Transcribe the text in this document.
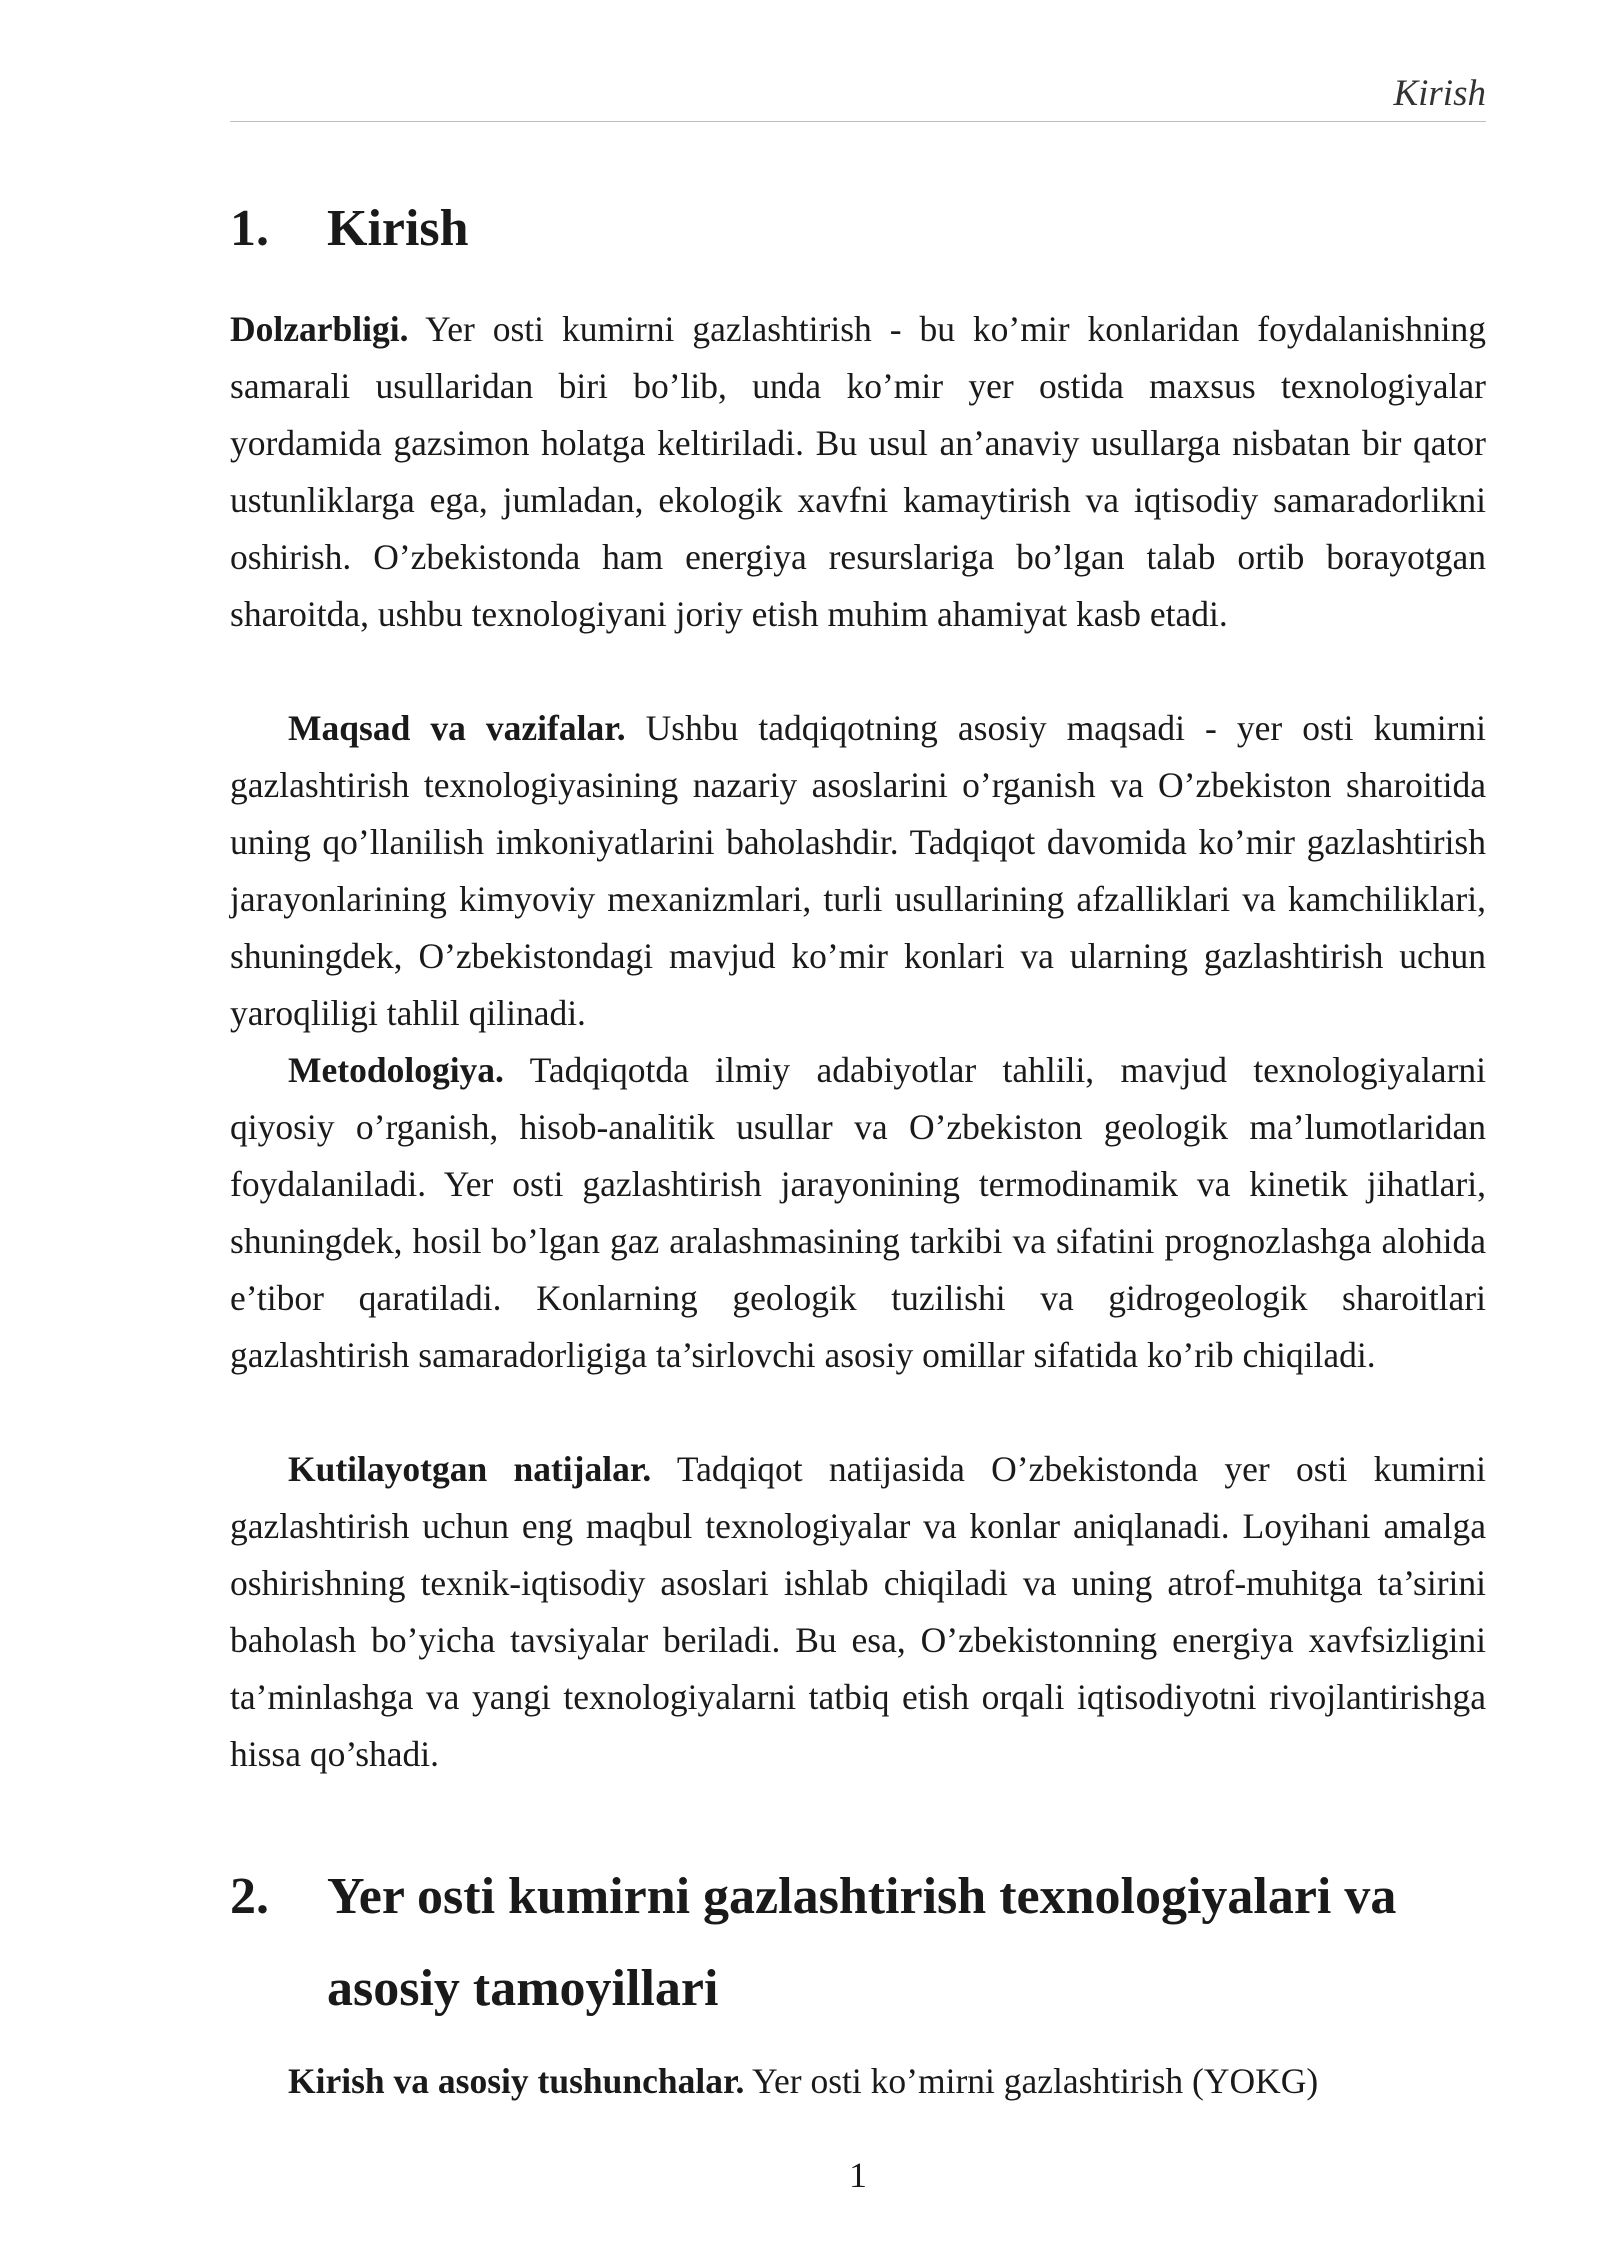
Kirish
1. Kirish

Dolzarbligi. Yer osti kumirni gazlashtirish - bu ko’mir konlaridan foydalanishning samarali usullaridan biri bo’lib, unda ko’mir yer ostida maxsus texnologiyalar yordamida gazsimon holatga keltiriladi. Bu usul an’anaviy usullarga nisbatan bir qator ustunliklarga ega, jumladan, ekologik xavfni kamaytirish va iqtisodiy samaradorlikni oshirish. O’zbekistonda ham energiya resurslariga bo’lgan talab ortib borayotgan sharoitda, ushbu texnologiyani joriy etish muhim ahamiyat kasb etadi.

Maqsad va vazifalar. Ushbu tadqiqotning asosiy maqsadi - yer osti kumirni gazlashtirish texnologiyasining nazariy asoslarini o’rganish va O’zbekiston sharoitida uning qo’llanilish imkoniyatlarini baholashdir. Tadqiqot davomida ko’mir gazlashtirish jarayonlarining kimyoviy mexanizmlari, turli usullarining afzalliklari va kamchiliklari, shuningdek, O’zbekistondagi mavjud ko’mir konlari va ularning gazlashtirish uchun yaroqliligi tahlil qilinadi.

Metodologiya. Tadqiqotda ilmiy adabiyotlar tahlili, mavjud texnologiyalarni qiyosiy o’rganish, hisob-analitik usullar va O’zbekiston geologik ma’lumotlaridan foydalaniladi. Yer osti gazlashtirish jarayonining termodinamik va kinetik jihatlari, shuningdek, hosil bo’lgan gaz aralashmasining tarkibi va sifatini prognozlashga alohida e’tibor qaratiladi. Konlarning geologik tuzilishi va gidrogeologik sharoitlari gazlashtirish samaradorligiga ta’sirlovchi asosiy omillar sifatida ko’rib chiqiladi.

Kutilayotgan natijalar. Tadqiqot natijasida O’zbekistonda yer osti kumirni gazlashtirish uchun eng maqbul texnologiyalar va konlar aniqlanadi. Loyihani amalga oshirishning texnik-iqtisodiy asoslari ishlab chiqiladi va uning atrof-muhitga ta’sirini baholash bo’yicha tavsiyalar beriladi. Bu esa, O’zbekistonning energiya xavfsizligini ta’minlashga va yangi texnologiyalarni tatbiq etish orqali iqtisodiyotni rivojlantirishga hissa qo’shadi.

2. Yer osti kumirni gazlashtirish texnologiyalari va asosiy tamoyillari

Kirish va asosiy tushunchalar. Yer osti ko’mirni gazlashtirish (YOKG)

1
